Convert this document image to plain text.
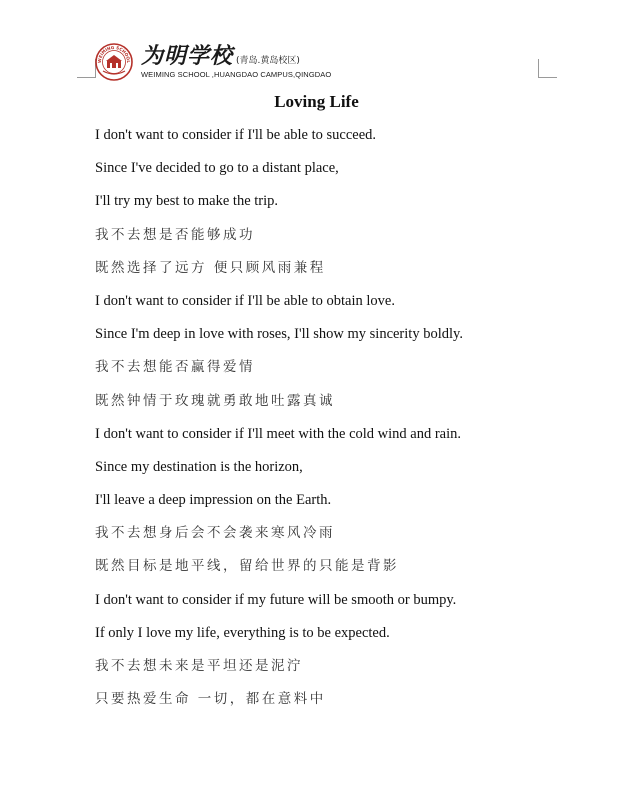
WEIMING SCHOOL 为明学校 (青岛.黄岛校区)
WEIMING SCHOOL ,HUANGDAO CAMPUS,QINGDAO
Loving Life
I don't want to consider if I'll be able to succeed.
Since I've decided to go to a distant place,
I'll try my best to make the trip.
我不去想是否能够成功
既然选择了远方 便只顾风雨兼程
I don't want to consider if I'll be able to obtain love.
Since I'm deep in love with roses, I'll show my sincerity boldly.
我不去想能否赢得爱情
既然钟情于玫瑰就勇敢地吐露真诚
I don't want to consider if I'll meet with the cold wind and rain.
Since my destination is the horizon,
I'll leave a deep impression on the Earth.
我不去想身后会不会袭来寒风冷雨
既然目标是地平线，留给世界的只能是背影
I don't want to consider if my future will be smooth or bumpy.
If only I love my life, everything is to be expected.
我不去想未来是平坦还是泥泞
只要热爱生命 一切，都在意料中
